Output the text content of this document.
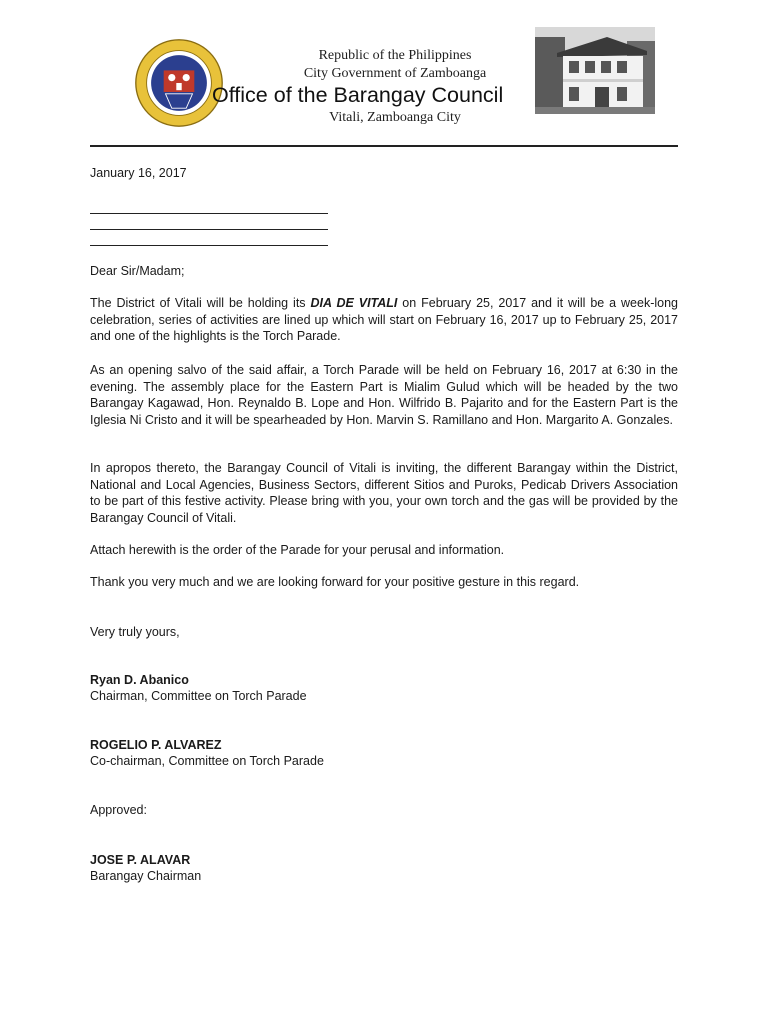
Republic of the Philippines
City Government of Zamboanga
Office of the Barangay Council
Vitali, Zamboanga City
January 16, 2017
Dear Sir/Madam;
The District of Vitali will be holding its DIA DE VITALI on February 25, 2017 and it will be a week-long celebration, series of activities are lined up which will start on February 16, 2017 up to February 25, 2017 and one of the highlights is the Torch Parade.
As an opening salvo of the said affair, a Torch Parade will be held on February 16, 2017 at 6:30 in the evening. The assembly place for the Eastern Part is Mialim Gulud which will be headed by the two Barangay Kagawad, Hon. Reynaldo B. Lope and Hon. Wilfrido B. Pajarito and for the Eastern Part is the Iglesia Ni Cristo and it will be spearheaded by Hon. Marvin S. Ramillano and Hon. Margarito A. Gonzales.
In apropos thereto, the Barangay Council of Vitali is inviting, the different Barangay within the District, National and Local Agencies, Business Sectors, different Sitios and Puroks, Pedicab Drivers Association to be part of this festive activity. Please bring with you, your own torch and the gas will be provided by the Barangay Council of Vitali.
Attach herewith is the order of the Parade for your perusal and information.
Thank you very much and we are looking forward for your positive gesture in this regard.
Very truly yours,
Ryan D. Abanico
Chairman, Committee on Torch Parade
ROGELIO P. ALVAREZ
Co-chairman, Committee on Torch Parade
Approved:
JOSE P. ALAVAR
Barangay Chairman
